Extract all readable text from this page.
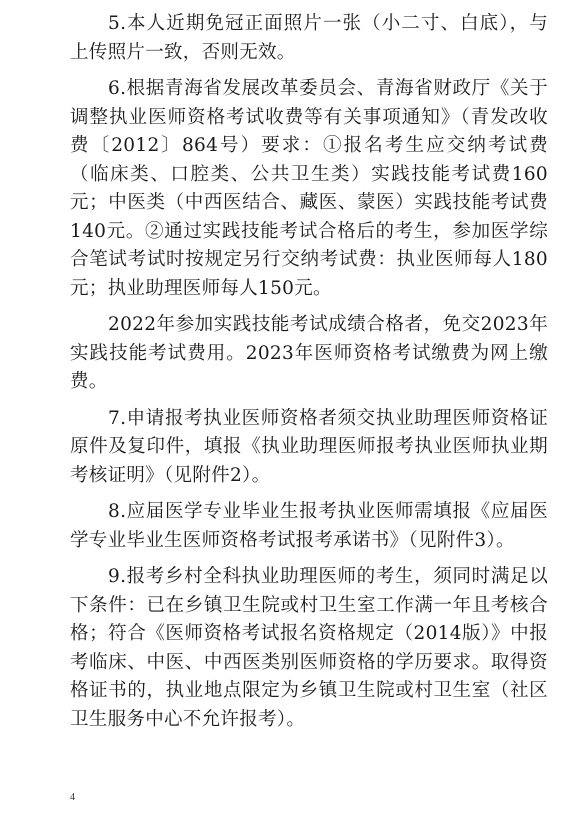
5.本人近期免冠正面照片一张（小二寸、白底），与上传照片一致，否则无效。

6.根据青海省发展改革委员会、青海省财政厅《关于调整执业医师资格考试收费等有关事项通知》（青发改收费〔2012〕864号）要求：①报名考生应交纳考试费（临床类、口腔类、公共卫生类）实践技能考试费160元；中医类（中西医结合、藏医、蒙医）实践技能考试费140元。②通过实践技能考试合格后的考生，参加医学综合笔试考试时按规定另行交纳考试费：执业医师每人180元；执业助理医师每人150元。

2022年参加实践技能考试成绩合格者，免交2023年实践技能考试费用。2023年医师资格考试缴费为网上缴费。

7.申请报考执业医师资格者须交执业助理医师资格证原件及复印件，填报《执业助理医师报考执业医师执业期考核证明》（见附件2）。

8.应届医学专业毕业生报考执业医师需填报《应届医学专业毕业生医师资格考试报考承诺书》（见附件3）。

9.报考乡村全科执业助理医师的考生，须同时满足以下条件：已在乡镇卫生院或村卫生室工作满一年且考核合格；符合《医师资格考试报名资格规定（2014版）》中报考临床、中医、中西医类别医师资格的学历要求。取得资格证书的，执业地点限定为乡镇卫生院或村卫生室（社区卫生服务中心不允许报考）。

4
